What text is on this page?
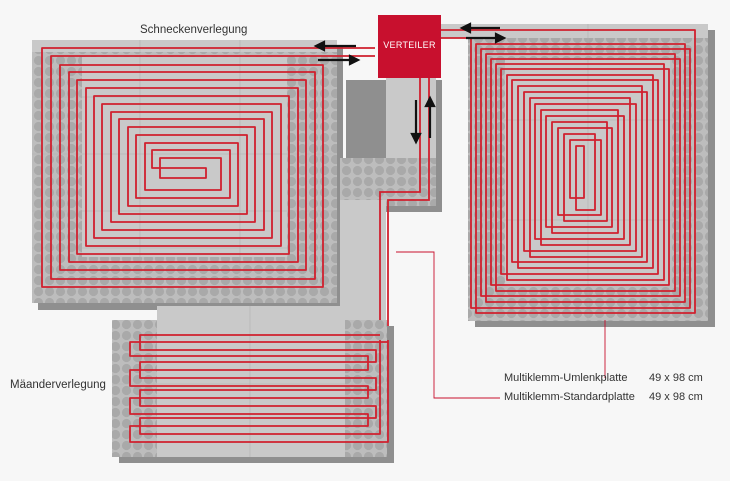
VERTEILER
Schneckenverlegung
Mäanderverlegung
Multiklemm-Umlenkplatte	49 x 98 cm
Multiklemm-Standardplatte	49 x 98 cm
